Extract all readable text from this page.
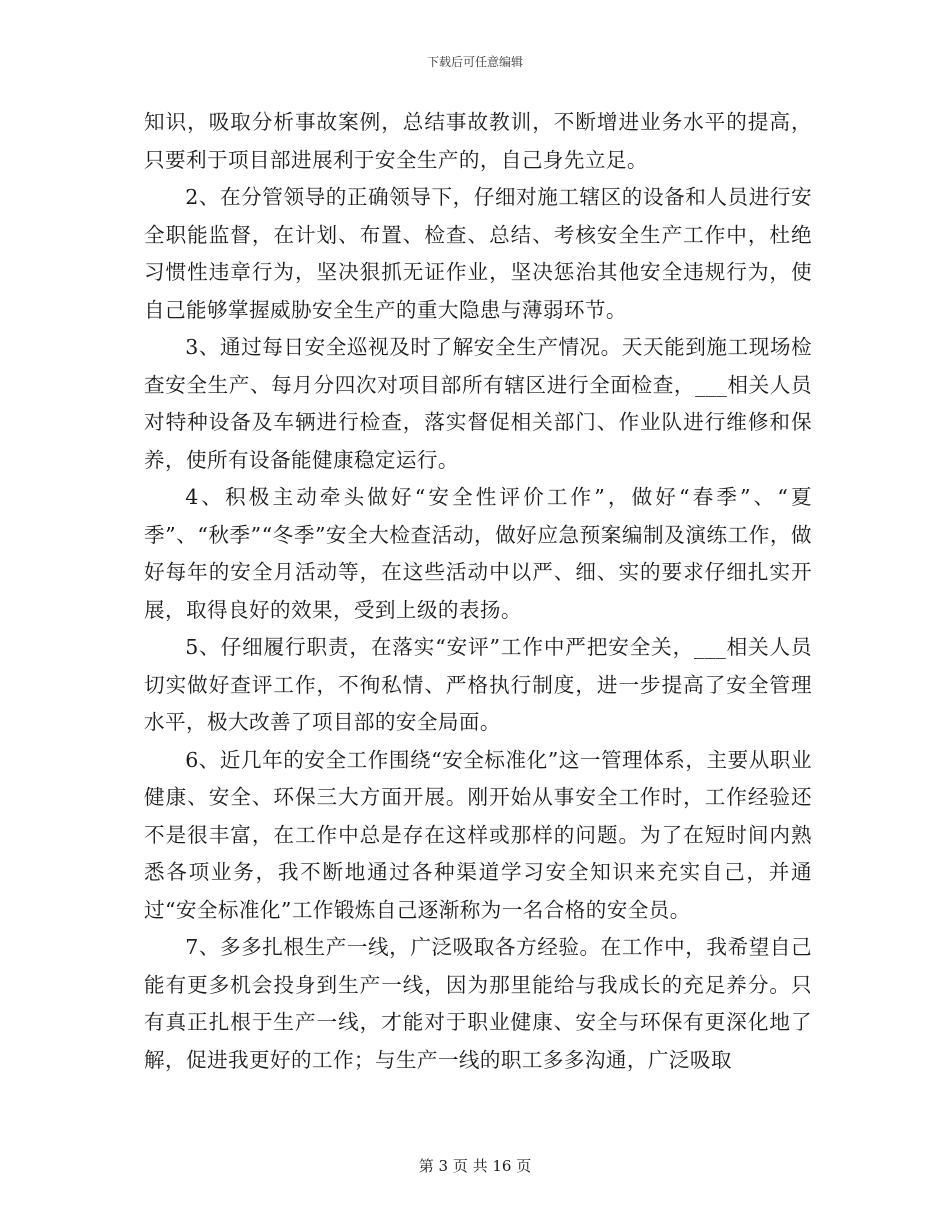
下载后可任意编辑

知识，吸取分析事故案例，总结事故教训，不断增进业务水平的提高，只要利于项目部进展利于安全生产的，自己身先立足。

2、在分管领导的正确领导下，仔细对施工辖区的设备和人员进行安全职能监督，在计划、布置、检查、总结、考核安全生产工作中，杜绝习惯性违章行为，坚决狠抓无证作业，坚决惩治其他安全违规行为，使自己能够掌握威胁安全生产的重大隐患与薄弱环节。

3、通过每日安全巡视及时了解安全生产情况。天天能到施工现场检查安全生产、每月分四次对项目部所有辖区进行全面检查，___相关人员对特种设备及车辆进行检查，落实督促相关部门、作业队进行维修和保养，使所有设备能健康稳定运行。

4、积极主动牵头做好“安全性评价工作”，做好“春季”、“夏季”、“秋季”“冬季”安全大检查活动，做好应急预案编制及演练工作，做好每年的安全月活动等，在这些活动中以严、细、实的要求仔细扎实开展，取得良好的效果，受到上级的表扬。

5、仔细履行职责，在落实“安评”工作中严把安全关，___相关人员切实做好查评工作，不徇私情、严格执行制度，进一步提高了安全管理水平，极大改善了项目部的安全局面。

6、近几年的安全工作围绕“安全标准化”这一管理体系，主要从职业健康、安全、环保三大方面开展。刚开始从事安全工作时，工作经验还不是很丰富，在工作中总是存在这样或那样的问题。为了在短时间内熟悉各项业务，我不断地通过各种渠道学习安全知识来充实自己，并通过“安全标准化”工作锻炼自己逐渐称为一名合格的安全员。

7、多多扎根生产一线，广泛吸取各方经验。在工作中，我希望自己能有更多机会投身到生产一线，因为那里能给与我成长的充足养分。只有真正扎根于生产一线，才能对于职业健康、安全与环保有更深化地了解，促进我更好的工作；与生产一线的职工多多沟通，广泛吸取

第 3 页 共 16 页
